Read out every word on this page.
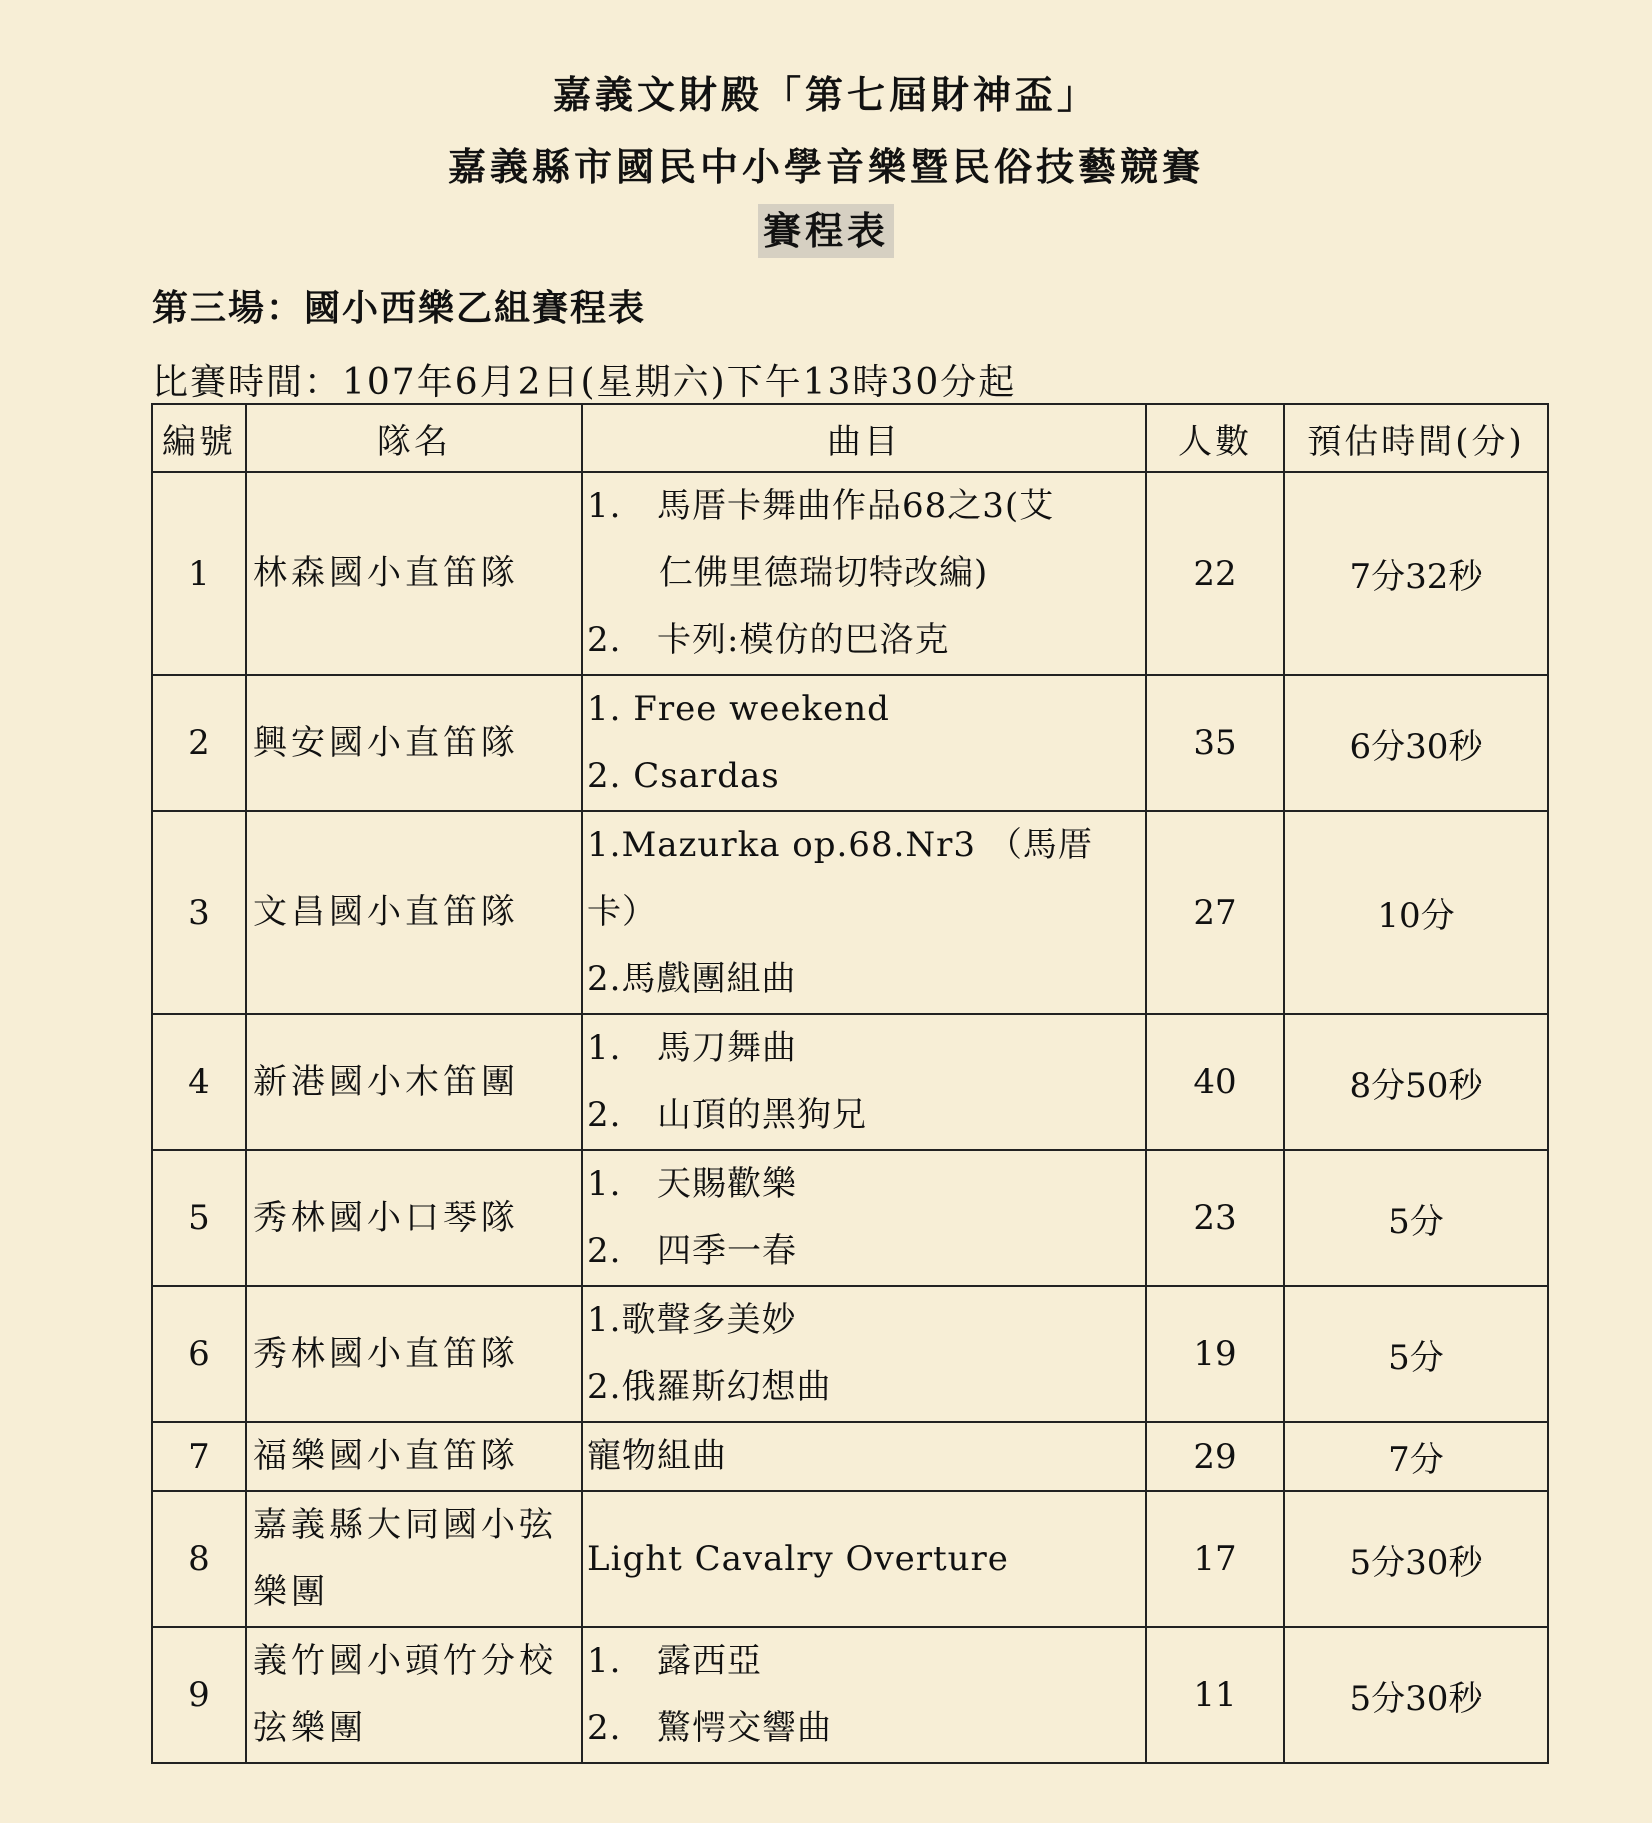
嘉義文財殿「第七屆財神盃」
嘉義縣市國民中小學音樂暨民俗技藝競賽
賽程表
第三場：國小西樂乙組賽程表
比賽時間：107年6月2日(星期六)下午13時30分起
編號	隊名	曲目	人數	預估時間(分)
1	林森國小直笛隊	1. 馬厝卡舞曲作品68之3(艾
仁佛里德瑞切特改編)
2. 卡列:模仿的巴洛克	22	7分32秒
2	興安國小直笛隊	1. Free weekend
2. Csardas	35	6分30秒
3	文昌國小直笛隊	1.Mazurka op.68.Nr3 （馬厝
卡）
2.馬戲團組曲	27	10分
4	新港國小木笛團	1. 馬刀舞曲
2. 山頂的黑狗兄	40	8分50秒
5	秀林國小口琴隊	1. 天賜歡樂
2. 四季一春	23	5分
6	秀林國小直笛隊	1.歌聲多美妙
2.俄羅斯幻想曲	19	5分
7	福樂國小直笛隊	寵物組曲	29	7分
8	嘉義縣大同國小弦樂團	Light Cavalry Overture	17	5分30秒
9	義竹國小頭竹分校弦樂團	1. 露西亞
2. 驚愕交響曲	11	5分30秒
